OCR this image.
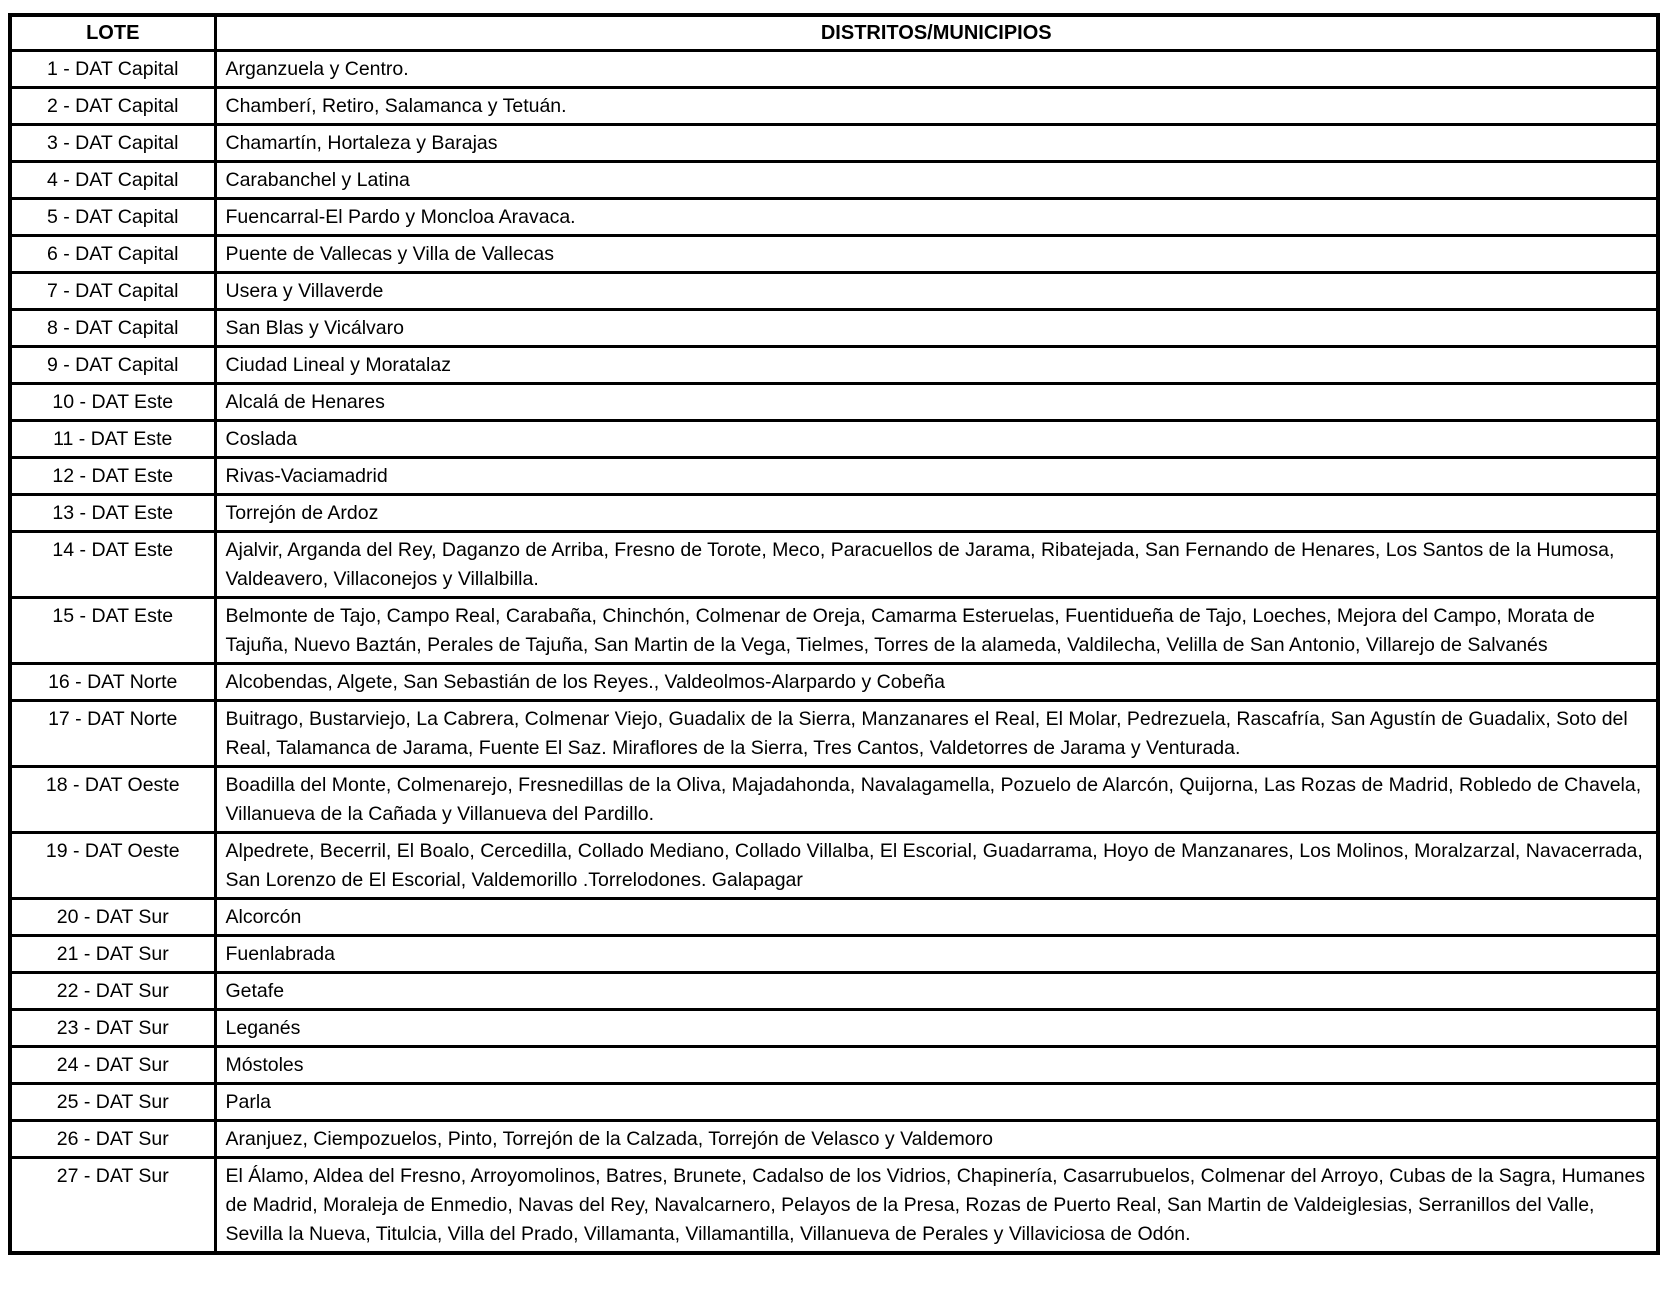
LOTE	DISTRITOS/MUNICIPIOS
1 - DAT Capital	Arganzuela y Centro.
2 - DAT Capital	Chamberí, Retiro, Salamanca y Tetuán.
3 - DAT Capital	Chamartín, Hortaleza y Barajas
4 - DAT Capital	Carabanchel y Latina
5 - DAT Capital	Fuencarral-El Pardo y Moncloa Aravaca.
6 - DAT Capital	Puente de Vallecas y Villa de Vallecas
7 - DAT Capital	Usera y Villaverde
8 - DAT Capital	San Blas y Vicálvaro
9 - DAT Capital	Ciudad Lineal y Moratalaz
10 - DAT Este	Alcalá de Henares
11 - DAT Este	Coslada
12 - DAT Este	Rivas-Vaciamadrid
13 - DAT Este	Torrejón de Ardoz
14 - DAT Este	Ajalvir, Arganda del Rey, Daganzo de Arriba, Fresno de Torote, Meco, Paracuellos de Jarama, Ribatejada, San Fernando de Henares, Los Santos de la Humosa, Valdeavero, Villaconejos y Villalbilla.
15 - DAT Este	Belmonte de Tajo, Campo Real, Carabaña, Chinchón, Colmenar de Oreja, Camarma Esteruelas, Fuentidueña de Tajo, Loeches, Mejora del Campo, Morata de Tajuña, Nuevo Baztán, Perales de Tajuña, San Martin de la Vega, Tielmes, Torres de la alameda, Valdilecha, Velilla de San Antonio, Villarejo de Salvanés
16 - DAT Norte	Alcobendas, Algete, San Sebastián de los Reyes., Valdeolmos-Alarpardo y Cobeña
17 - DAT Norte	Buitrago, Bustarviejo, La Cabrera, Colmenar Viejo, Guadalix de la Sierra, Manzanares el Real, El Molar, Pedrezuela, Rascafría, San Agustín de Guadalix, Soto del Real, Talamanca de Jarama, Fuente El Saz. Miraflores de la Sierra, Tres Cantos, Valdetorres de Jarama y Venturada.
18 - DAT Oeste	Boadilla del Monte, Colmenarejo, Fresnedillas de la Oliva, Majadahonda, Navalagamella, Pozuelo de Alarcón, Quijorna, Las Rozas de Madrid, Robledo de Chavela, Villanueva de la Cañada y Villanueva del Pardillo.
19 - DAT Oeste	Alpedrete, Becerril, El Boalo, Cercedilla, Collado Mediano, Collado Villalba, El Escorial, Guadarrama, Hoyo de Manzanares, Los Molinos, Moralzarzal, Navacerrada, San Lorenzo de El Escorial, Valdemorillo .Torrelodones. Galapagar
20 - DAT Sur	Alcorcón
21 - DAT Sur	Fuenlabrada
22 - DAT Sur	Getafe
23 - DAT Sur	Leganés
24 - DAT Sur	Móstoles
25 - DAT Sur	Parla
26 - DAT Sur	Aranjuez, Ciempozuelos, Pinto, Torrejón de la Calzada, Torrejón de Velasco y Valdemoro
27 - DAT Sur	El Álamo, Aldea del Fresno, Arroyomolinos, Batres, Brunete, Cadalso de los Vidrios, Chapinería, Casarrubuelos, Colmenar del Arroyo, Cubas de la Sagra, Humanes de Madrid, Moraleja de Enmedio, Navas del Rey, Navalcarnero, Pelayos de la Presa, Rozas de Puerto Real, San Martin de Valdeiglesias, Serranillos del Valle, Sevilla la Nueva, Titulcia, Villa del Prado, Villamanta, Villamantilla, Villanueva de Perales y Villaviciosa de Odón.
